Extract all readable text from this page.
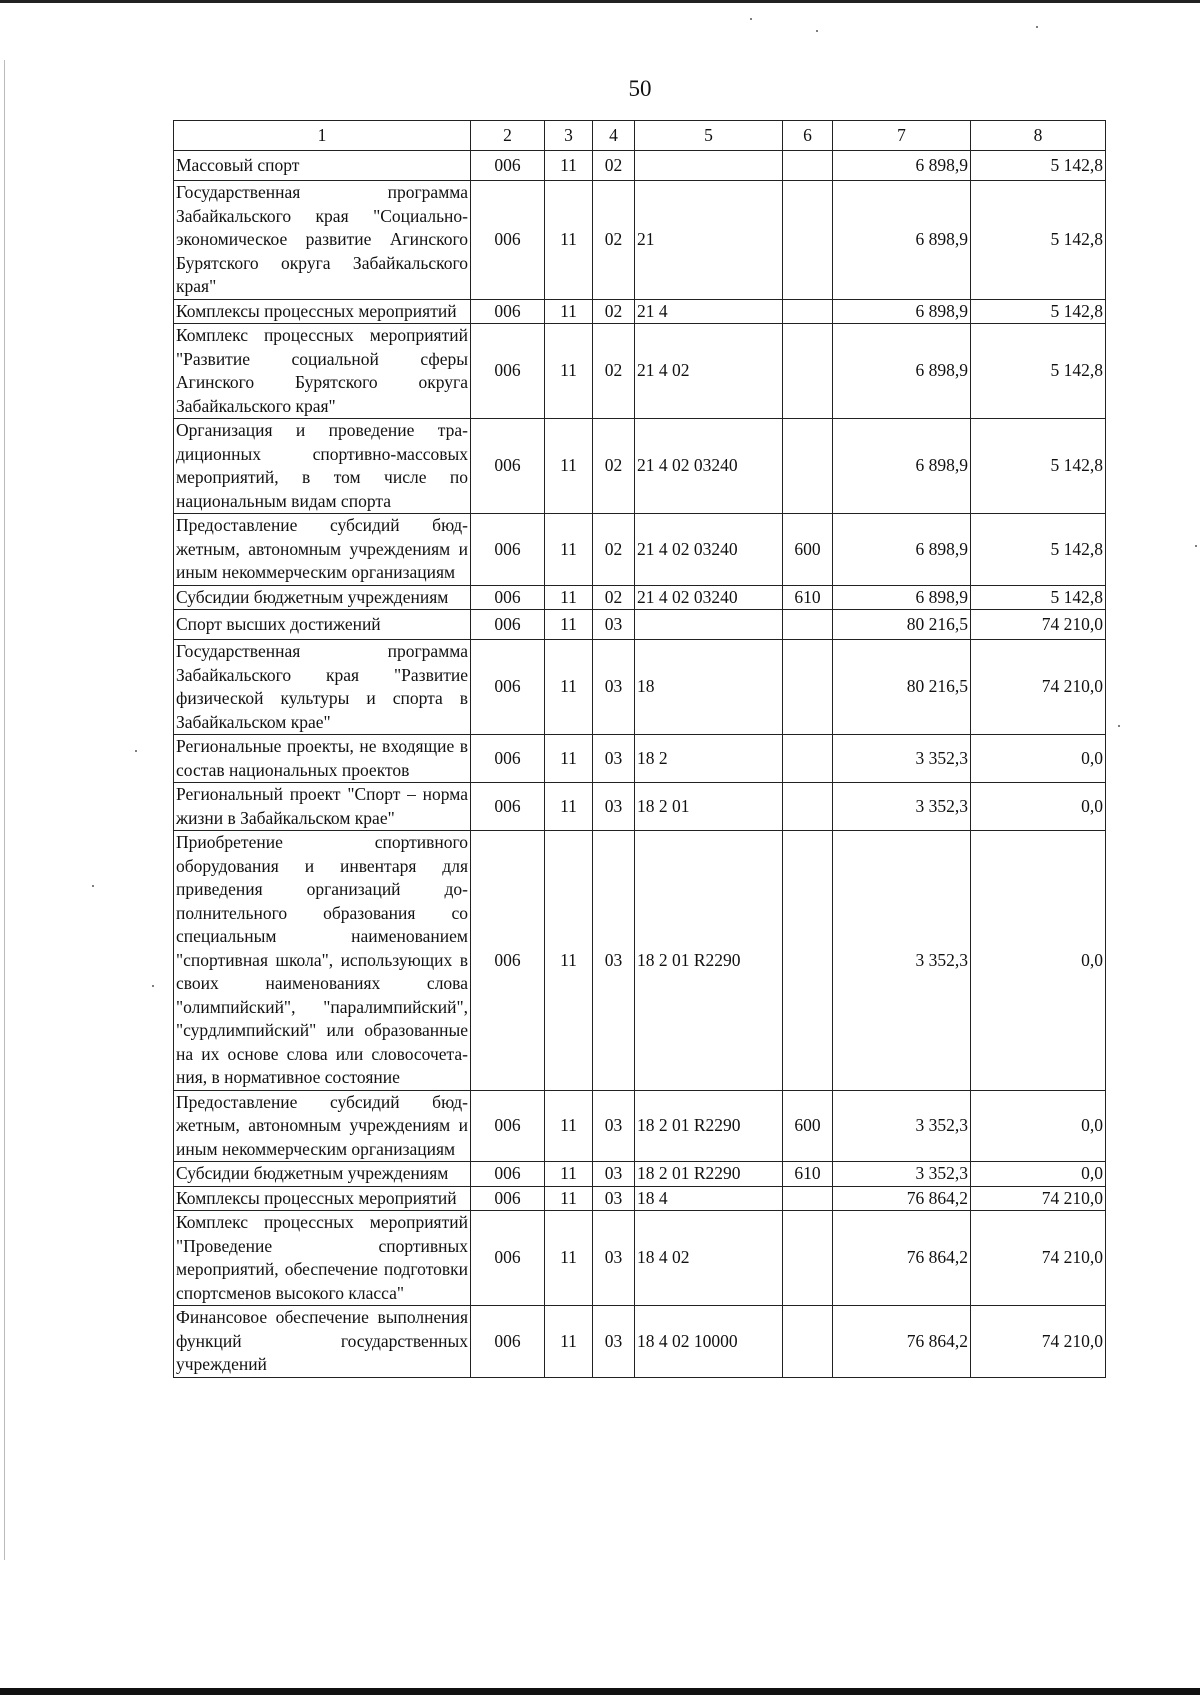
50
1	2	3	4	5	6	7	8
Массовый спорт	006	11	02			6 898,9	5 142,8
Государственная программа Забайкальского края "Социально-экономическое развитие Агинского Бурятского округа Забайкальского края"	006	11	02	21		6 898,9	5 142,8
Комплексы процессных мероприятий	006	11	02	21 4		6 898,9	5 142,8
Комплекс процессных мероприятий "Развитие социальной сферы Агинского Бурятского округа Забайкальского края"	006	11	02	21 4 02		6 898,9	5 142,8
Организация и проведение традиционных спортивно-массовых мероприятий, в том числе по национальным видам спорта	006	11	02	21 4 02 03240		6 898,9	5 142,8
Предоставление субсидий бюджетным, автономным учреждениям и иным некоммерческим организациям	006	11	02	21 4 02 03240	600	6 898,9	5 142,8
Субсидии бюджетным учреждениям	006	11	02	21 4 02 03240	610	6 898,9	5 142,8
Спорт высших достижений	006	11	03			80 216,5	74 210,0
Государственная программа Забайкальского края "Развитие физической культуры и спорта в Забайкальском крае"	006	11	03	18		80 216,5	74 210,0
Региональные проекты, не входящие в состав национальных проектов	006	11	03	18 2		3 352,3	0,0
Региональный проект "Спорт – норма жизни в Забайкальском крае"	006	11	03	18 2 01		3 352,3	0,0
Приобретение спортивного оборудования и инвентаря для приведения организаций дополнительного образования со специальным наименованием "спортивная школа", использующих в своих наименованиях слова "олимпийский", "паралимпийский", "сурдлимпийский" или образованные на их основе слова или словосочетания, в нормативное состояние	006	11	03	18 2 01 R2290		3 352,3	0,0
Предоставление субсидий бюджетным, автономным учреждениям и иным некоммерческим организациям	006	11	03	18 2 01 R2290	600	3 352,3	0,0
Субсидии бюджетным учреждениям	006	11	03	18 2 01 R2290	610	3 352,3	0,0
Комплексы процессных мероприятий	006	11	03	18 4		76 864,2	74 210,0
Комплекс процессных мероприятий "Проведение спортивных мероприятий, обеспечение подготовки спортсменов высокого класса"	006	11	03	18 4 02		76 864,2	74 210,0
Финансовое обеспечение выполнения функций государственных учреждений	006	11	03	18 4 02 10000		76 864,2	74 210,0
